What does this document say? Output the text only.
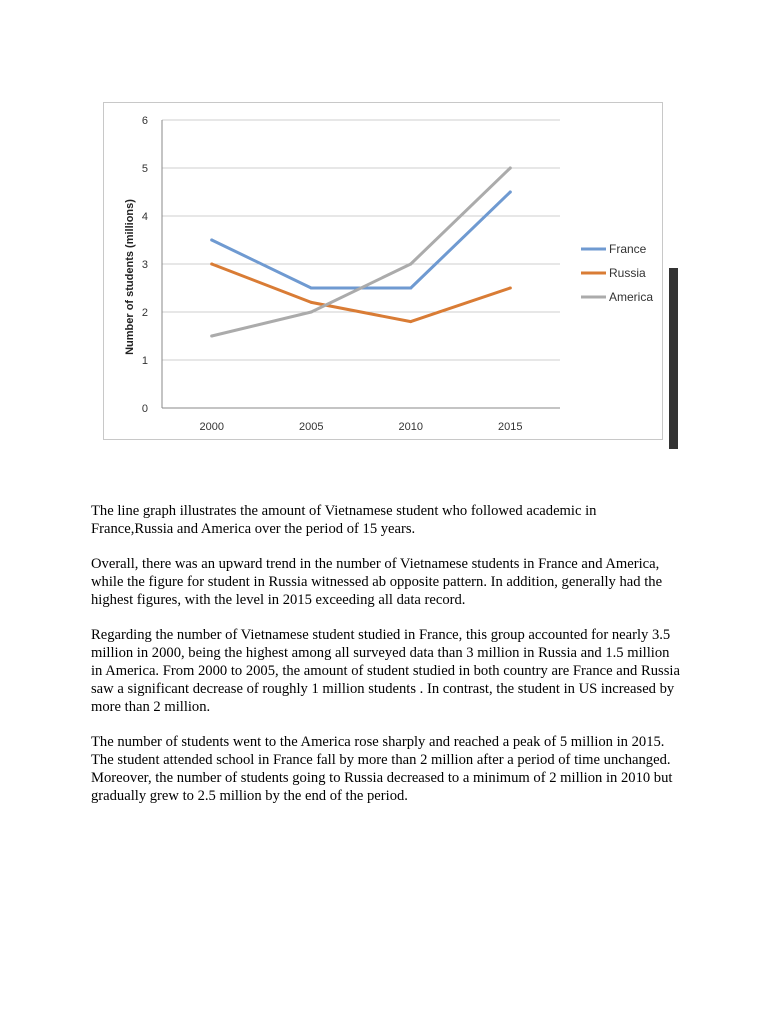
0
1
2
3
4
5
6
2000	2005	2010	2015
Number of students (millions)	France
Russia
America

The line graph illustrates the amount of Vietnamese student who followed academic in France,Russia and America over the period of 15 years.

Overall, there was an upward trend in the number of Vietnamese students in France and America, while the figure for student in Russia witnessed ab opposite pattern. In addition, generally had the highest figures, with the level in 2015 exceeding all data record.

Regarding the number of Vietnamese student studied in France, this group accounted for nearly 3.5 million in 2000, being the highest among all surveyed data than 3 million in Russia and 1.5 million in America. From 2000 to 2005, the amount of student studied in both country are France and Russia saw a significant decrease of roughly 1 million students . In contrast, the student in US increased by more than 2 million.

The number of students went to the America rose sharply and reached a peak of 5 million in 2015. The student attended school in France fall by more than 2 million after a period of time unchanged. Moreover, the number of students going to Russia decreased to a minimum of 2 million in 2010 but gradually grew to 2.5 million by the end of the period.
